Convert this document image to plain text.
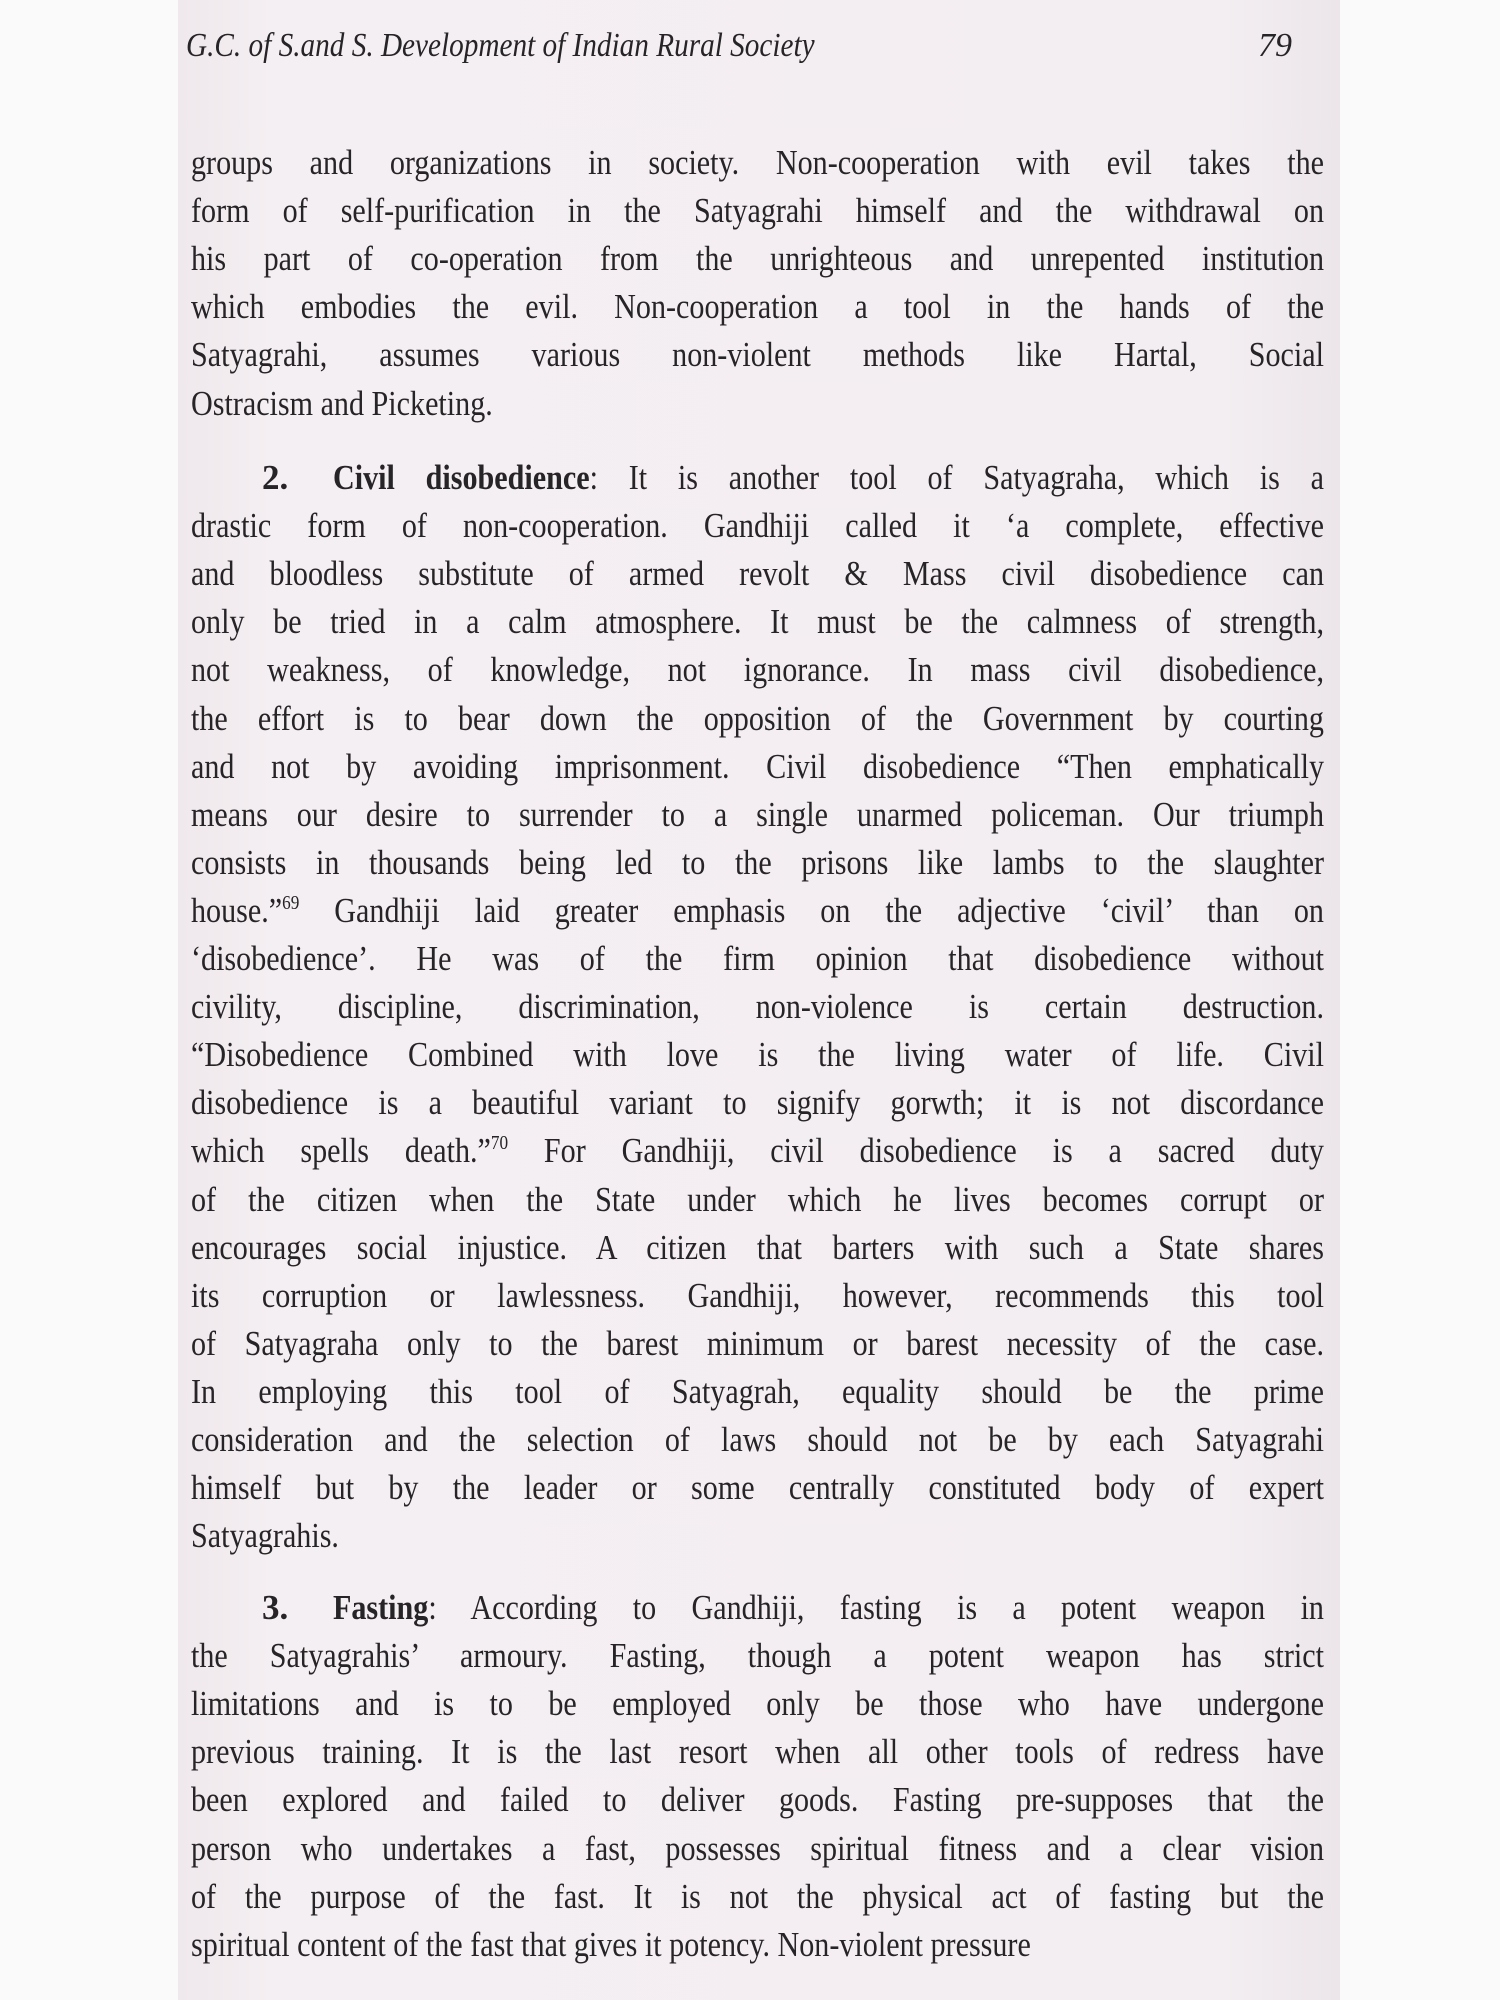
G.C. of S.and S. Development of Indian Rural Society	79
groups and organizations in society. Non-cooperation with evil takes the
form of self-purification in the Satyagrahi himself and the withdrawal on
his part of co-operation from the unrighteous and unrepented institution
which embodies the evil. Non-cooperation a tool in the hands of the
Satyagrahi, assumes various non-violent methods like Hartal, Social
Ostracism and Picketing.
2. Civil disobedience: It is another tool of Satyagraha, which is a
drastic form of non-cooperation. Gandhiji called it ‘a complete, effective
and bloodless substitute of armed revolt & Mass civil disobedience can
only be tried in a calm atmosphere. It must be the calmness of strength,
not weakness, of knowledge, not ignorance. In mass civil disobedience,
the effort is to bear down the opposition of the Government by courting
and not by avoiding imprisonment. Civil disobedience “Then emphatically
means our desire to surrender to a single unarmed policeman. Our triumph
consists in thousands being led to the prisons like lambs to the slaughter
house.”$^{69}$ Gandhiji laid greater emphasis on the adjective ‘civil’ than on
‘disobedience’. He was of the firm opinion that disobedience without
civility, discipline, discrimination, non-violence is certain destruction.
“Disobedience Combined with love is the living water of life. Civil
disobedience is a beautiful variant to signify gorwth; it is not discordance
which spells death.”$^{70}$ For Gandhiji, civil disobedience is a sacred duty
of the citizen when the State under which he lives becomes corrupt or
encourages social injustice. A citizen that barters with such a State shares
its corruption or lawlessness. Gandhiji, however, recommends this tool
of Satyagraha only to the barest minimum or barest necessity of the case.
In employing this tool of Satyagrah, equality should be the prime
consideration and the selection of laws should not be by each Satyagrahi
himself but by the leader or some centrally constituted body of expert
Satyagrahis.
3. Fasting: According to Gandhiji, fasting is a potent weapon in
the Satyagrahis’ armoury. Fasting, though a potent weapon has strict
limitations and is to be employed only be those who have undergone
previous training. It is the last resort when all other tools of redress have
been explored and failed to deliver goods. Fasting pre-supposes that the
person who undertakes a fast, possesses spiritual fitness and a clear vision
of the purpose of the fast. It is not the physical act of fasting but the
spiritual content of the fast that gives it potency. Non-violent pressure
